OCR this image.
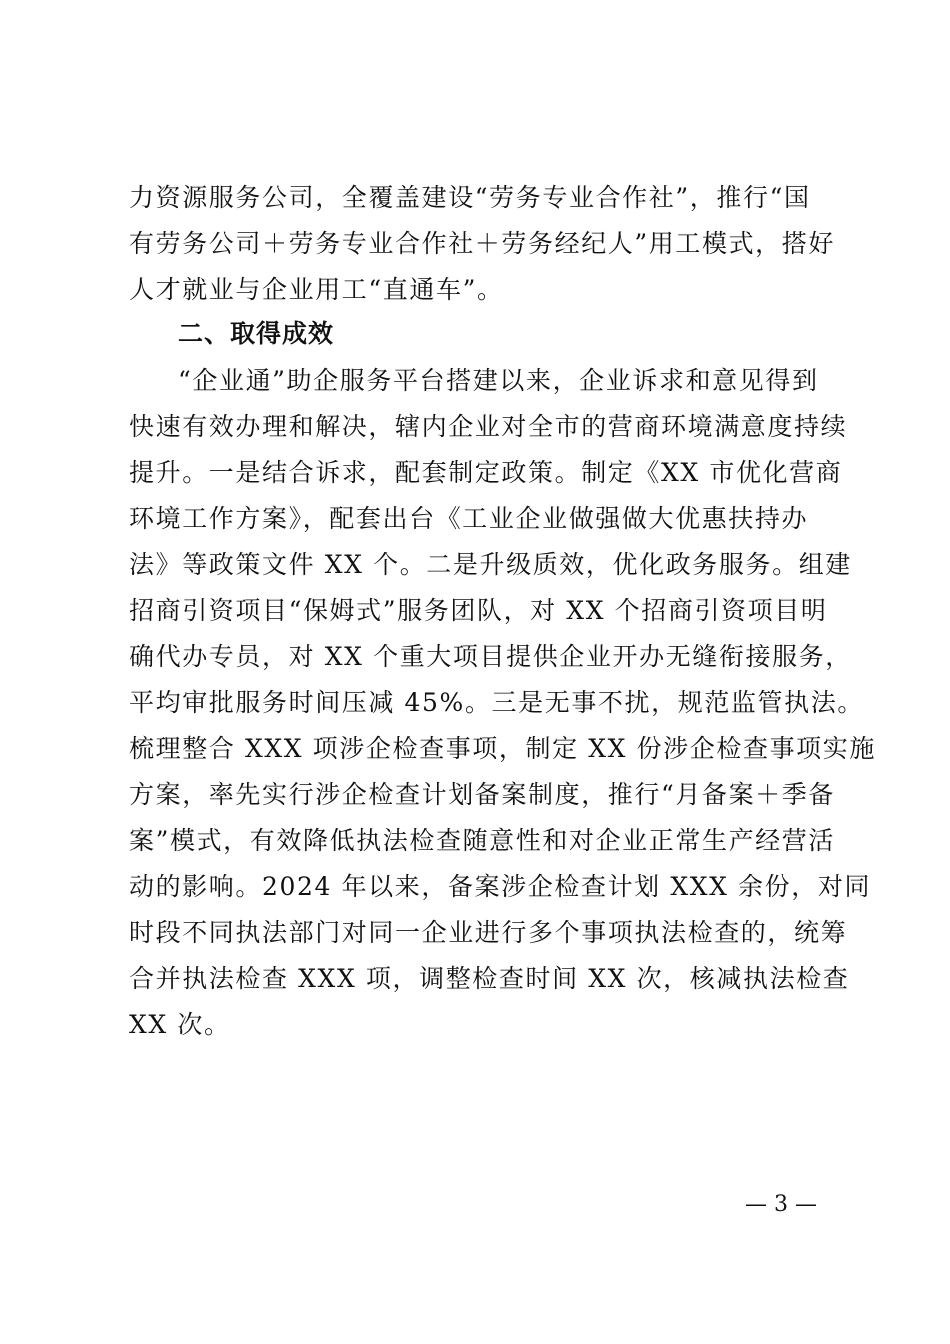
力资源服务公司，全覆盖建设“劳务专业合作社”，推行“国
有劳务公司＋劳务专业合作社＋劳务经纪人”用工模式，搭好
人才就业与企业用工“直通车”。
二、取得成效
“企业通”助企服务平台搭建以来，企业诉求和意见得到
快速有效办理和解决，辖内企业对全市的营商环境满意度持续
提升。一是结合诉求，配套制定政策。制定《XX 市优化营商
环境工作方案》，配套出台《工业企业做强做大优惠扶持办
法》等政策文件 XX 个。二是升级质效，优化政务服务。组建
招商引资项目“保姆式”服务团队，对 XX 个招商引资项目明
确代办专员，对 XX 个重大项目提供企业开办无缝衔接服务，
平均审批服务时间压减 45%。三是无事不扰，规范监管执法。
梳理整合 XXX 项涉企检查事项，制定 XX 份涉企检查事项实施
方案，率先实行涉企检查计划备案制度，推行“月备案＋季备
案”模式，有效降低执法检查随意性和对企业正常生产经营活
动的影响。2024 年以来，备案涉企检查计划 XXX 余份，对同
时段不同执法部门对同一企业进行多个事项执法检查的，统筹
合并执法检查 XXX 项，调整检查时间 XX 次，核减执法检查
XX 次。
— 3 —
